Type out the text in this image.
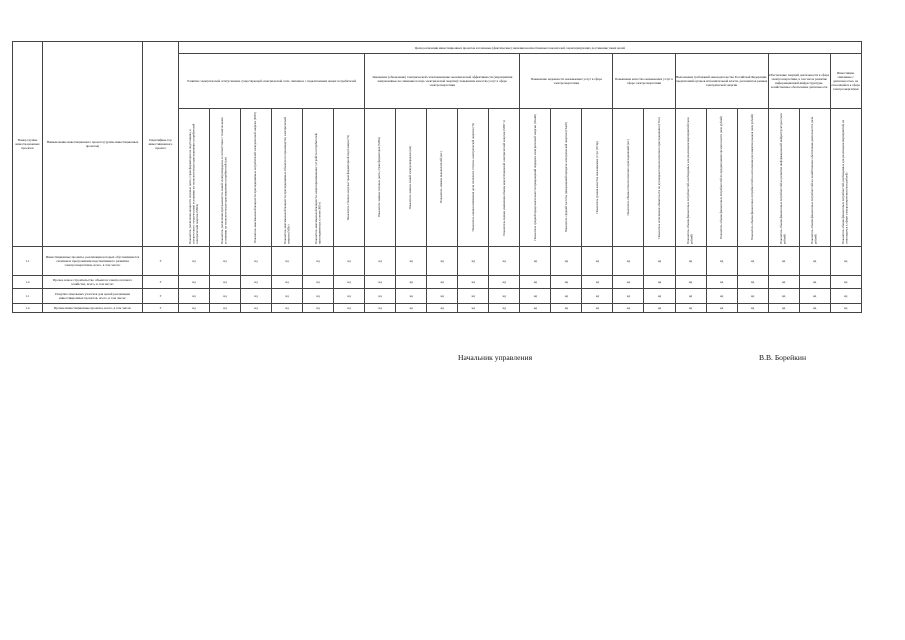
Номер группы инвести-ционных проектов	Наименование инвестиционного проекта (группы инвестиционных проектов)	Идентифика-тор инвестиционного проекта	Цели реализации инвестиционных проектов и плановые (фактические) значения количественных показателей, характеризующих достижение таких целей																					
			Развитие электрической сети/усиление существующей электрической сети, связанное с подключением новых потребителей						Замещение (обновление) электрической сети/повышение экономической эффективности (мероприятия направленные на снижение потерь электрической энергии)/ повышение качества услуг в сфере электроэнергетики					Повышение надежности оказываемых услуг в сфере электроэнергетики			Повышение качества оказываемых услуг в сфере электроэнергетики		Выполнение требований законодательства Российской Федерации, предписаний органов исполнительной власти, регламентов рынков электрической энергии			Обеспечение текущей деятельности в сфере электроэнергетики, в том числе развитие информационной инфраструктуры, хозяйственное обеспечение деятельности		Инвестиции, связанные с деятельностью, не относящейся к сфере электроэнергетики

			Показатель увеличения мощности силовых (авто-) трансформаторов на подстанциях, в соответствии с техническими условиями на технологическое присоединение потребителей электрической энергии (МВА)	Показатель увеличения протяженности линий электропередачи, в соответствии с техническими условиями на технологическое присоединение потребителей (км)	Показатель максимальной мощности присоединяемых потребителей электрической энергии (МВт)	Показатель максимальной мощности присоединяемых объектов по производству электрической энергии (МВт)	Показатель максимальной мощности энергопринимающих устройств потребителей, присоединенных к сетям (МВт)	Показатель степени загрузки трансформаторной подстанции (%)	Показатель замены силовых (авто-) трансформаторов (МВА)	Показатель замены линий электропередачи (км)	Показатель замены выключателей (шт.)	Показатель оценки изменения доли полезного отпуска электрической энергии (%)	Показатель оценки изменения объема недоотпущенной электрической энергии (МВт·ч)	Показатель средней продолжительности прекращений передачи электрической энергии (Пsaidi)	Показатель средней частоты прекращений передачи электрической энергии (Пsaifi)	Показатель уровня качества оказываемых услуг (Птпр)	Показатель объема технологических присоединений (шт.)	Показатель исполнения обязательств по договорам технологического присоединения (Птсо)	Показатель объема финансовых потребностей, необходимых для реализации мероприятий (млн рублей)	Показатель объема финансовых потребностей по предписаниям органов власти (млн рублей)	Показатель объема финансовых потребностей на исполнение регламентов рынков (млн рублей)	Показатель объема финансовых потребностей на развитие информационной инфраструктуры (млн рублей)	Показатель объема финансовых потребностей на хозяйственное обеспечение деятельности (млн рублей)	Показатель объема финансовых потребностей, необходимых для реализации мероприятий, не относящихся к сфере электроэнергетики (млн рублей)

1.1	Инвестиционные проекты, реализация которых обуславливается схемами и программами перспективного развития электроэнергетики, всего, в том числе:	Г	нд	нд	нд	нд	нд	нд	нд	нд	нд	нд	нд	нд	нд	нд	нд	нд	нд	нд	нд	нд	нд	нд
1.4	Прочее новое строительство объектов электросетевого хозяйства, всего, в том числе:	Г	нд	нд	нд	нд	нд	нд	нд	нд	нд	нд	нд	нд	нд	нд	нд	нд	нд	нд	нд	нд	нд	нд
1.1	Покупка земельных участков для целей реализации инвестиционных проектов, всего, в том числе:	Г	нд	нд	нд	нд	нд	нд	нд	нд	нд	нд	нд	нд	нд	нд	нд	нд	нд	нд	нд	нд	нд	нд
1.4	Прочие инвестиционные проекты, всего, в том числе:	Г	нд	нд	нд	нд	нд	нд	нд	нд	нд	нд	нд	нд	нд	нд	нд	нд	нд	нд	нд	нд	нд	нд
Начальник управления	В.В. Борейкин
